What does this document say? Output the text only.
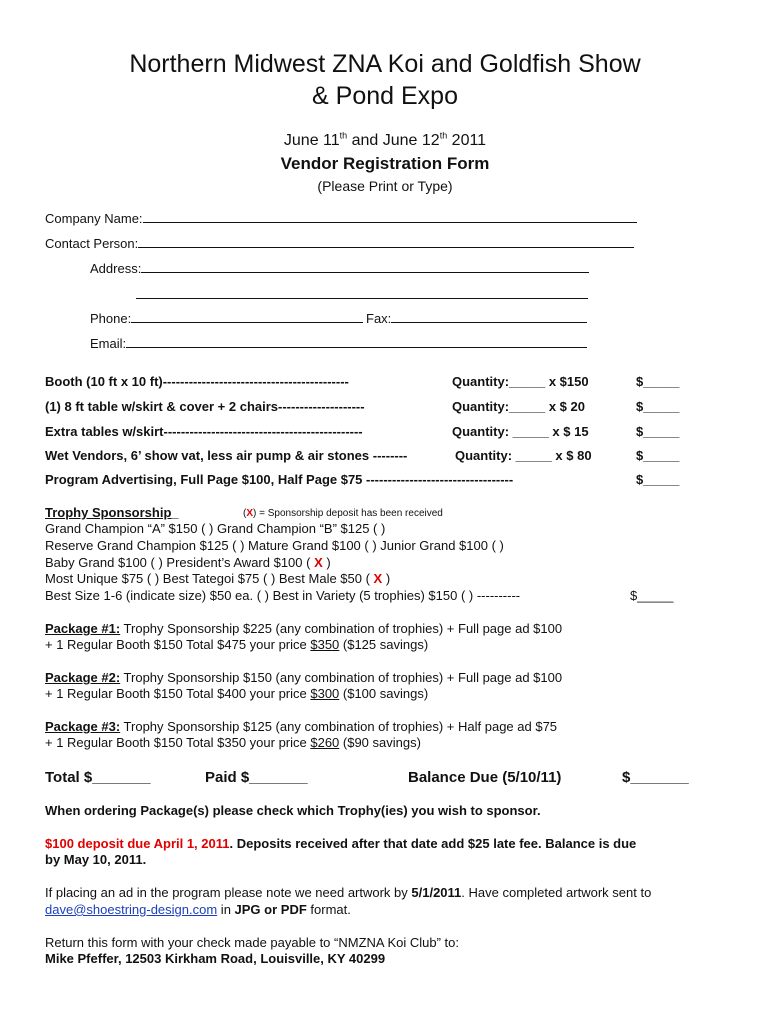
Northern Midwest ZNA Koi and Goldfish Show
& Pond Expo
June 11th and June 12th 2011
Vendor Registration Form
(Please Print or Type)
Company Name:
Contact Person:
Address:
Phone:	Fax:
Email:
Booth (10 ft x 10 ft)-------------------------------------------	Quantity:_____ x $150	$_____
(1) 8 ft table w/skirt & cover + 2 chairs--------------------	Quantity:_____ x $ 20	$_____
Extra tables w/skirt----------------------------------------------	Quantity: _____ x $ 15	$_____
Wet Vendors, 6’ show vat, less air pump & air stones --------	Quantity: _____ x $ 80	$_____
Program Advertising, Full Page $100, Half Page $75 ----------------------------------	$_____
Trophy Sponsorship_	(X) = Sponsorship deposit has been received
Grand Champion “A” $150 ( ) Grand Champion “B” $125 ( )
Reserve Grand Champion $125 ( ) Mature Grand $100 ( ) Junior Grand $100 ( )
Baby Grand $100 ( ) President’s Award $100 ( X )
Most Unique $75 ( ) Best Tategoi $75 ( ) Best Male $50 ( X )
Best Size 1-6 (indicate size) $50 ea. ( ) Best in Variety (5 trophies) $150 ( ) ----------	$_____
Package #1: Trophy Sponsorship $225 (any combination of trophies) + Full page ad $100
+ 1 Regular Booth $150 Total $475 your price $350 ($125 savings)
Package #2: Trophy Sponsorship $150 (any combination of trophies) + Full page ad $100
+ 1 Regular Booth $150 Total $400 your price $300 ($100 savings)
Package #3: Trophy Sponsorship $125 (any combination of trophies) + Half page ad $75
+ 1 Regular Booth $150 Total $350 your price $260 ($90 savings)
Total $_______	Paid $_______	Balance Due (5/10/11)	$_______
When ordering Package(s) please check which Trophy(ies) you wish to sponsor.
$100 deposit due April 1, 2011. Deposits received after that date add $25 late fee. Balance is due
by May 10, 2011.
If placing an ad in the program please note we need artwork by 5/1/2011. Have completed artwork sent to
dave@shoestring-design.com in JPG or PDF format.
Return this form with your check made payable to “NMZNA Koi Club” to:
Mike Pfeffer, 12503 Kirkham Road, Louisville, KY 40299
